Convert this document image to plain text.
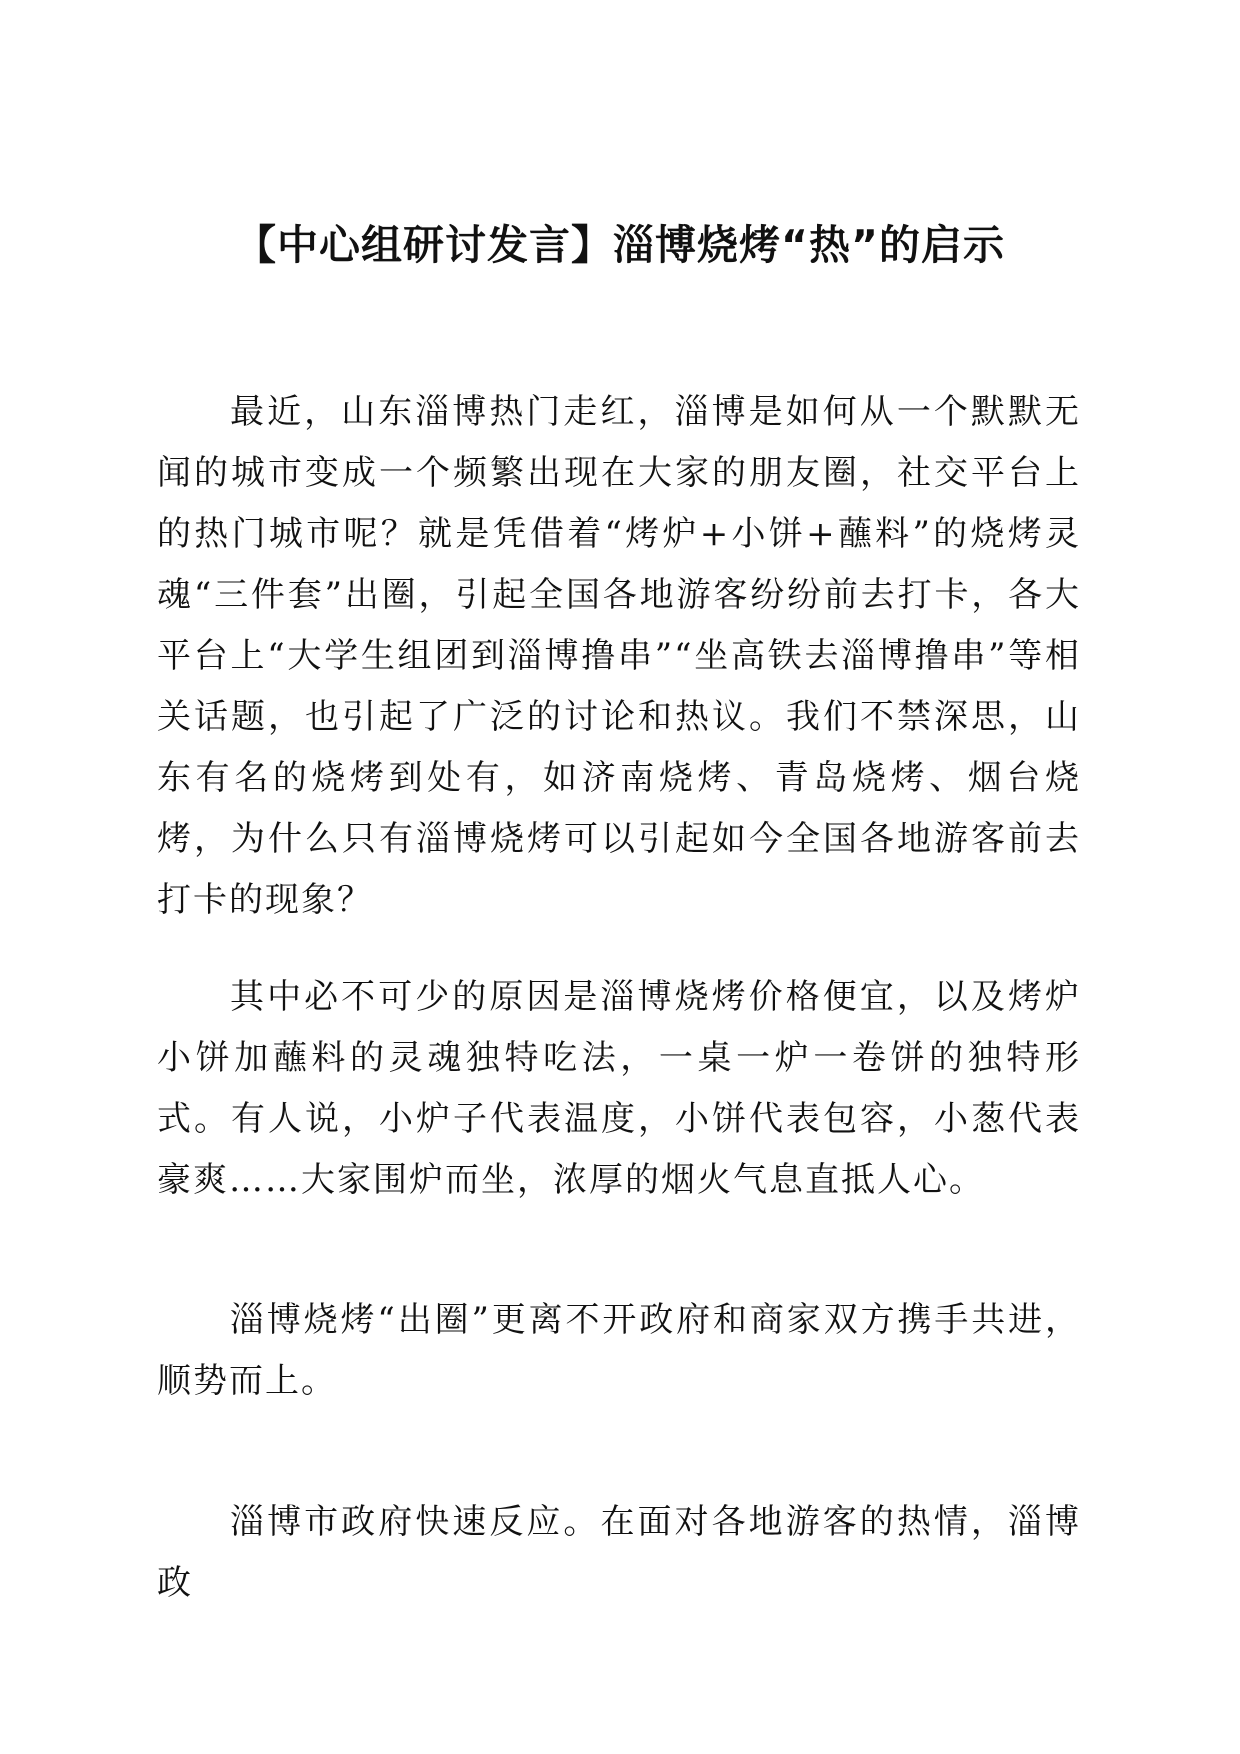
【中心组研讨发言】淄博烧烤“热”的启示

最近，山东淄博热门走红，淄博是如何从一个默默无闻的城市变成一个频繁出现在大家的朋友圈，社交平台上的热门城市呢？就是凭借着“烤炉+小饼+蘸料”的烧烤灵魂“三件套”出圈，引起全国各地游客纷纷前去打卡，各大平台上“大学生组团到淄博撸串”“坐高铁去淄博撸串”等相关话题，也引起了广泛的讨论和热议。我们不禁深思，山东有名的烧烤到处有，如济南烧烤、青岛烧烤、烟台烧烤，为什么只有淄博烧烤可以引起如今全国各地游客前去打卡的现象？

其中必不可少的原因是淄博烧烤价格便宜，以及烤炉小饼加蘸料的灵魂独特吃法，一桌一炉一卷饼的独特形式。有人说，小炉子代表温度，小饼代表包容，小葱代表豪爽……大家围炉而坐，浓厚的烟火气息直抵人心。

淄博烧烤“出圈”更离不开政府和商家双方携手共进，顺势而上。

淄博市政府快速反应。在面对各地游客的热情，淄博政
